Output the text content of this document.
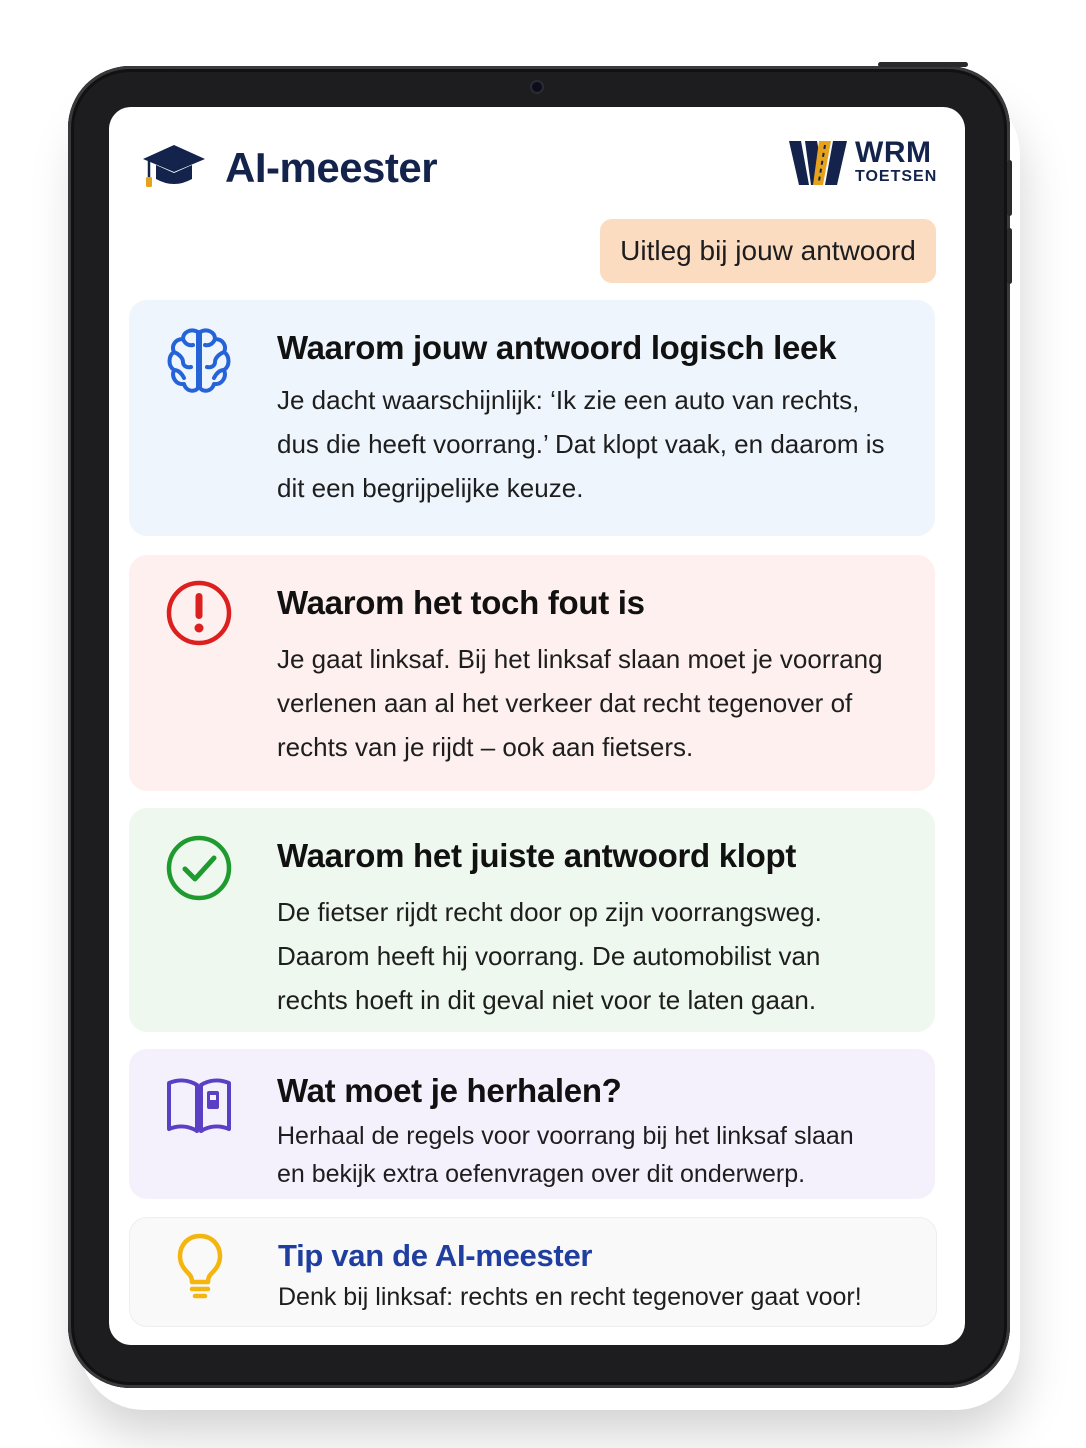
AI-meester	WRM
TOETSEN
Uitleg bij jouw antwoord
Waarom jouw antwoord logisch leek
Je dacht waarschijnlijk: ‘Ik zie een auto van rechts, dus die heeft voorrang.’ Dat klopt vaak, en daarom is dit een begrijpelijke keuze.
Waarom het toch fout is
Je gaat linksaf. Bij het linksaf slaan moet je voorrang verlenen aan al het verkeer dat recht tegenover of rechts van je rijdt – ook aan fietsers.
Waarom het juiste antwoord klopt
De fietser rijdt recht door op zijn voorrangsweg. Daarom heeft hij voorrang. De automobilist van rechts hoeft in dit geval niet voor te laten gaan.
Wat moet je herhalen?
Herhaal de regels voor voorrang bij het linksaf slaan en bekijk extra oefenvragen over dit onderwerp.
Tip van de AI-meester
Denk bij linksaf: rechts en recht tegenover gaat voor!
